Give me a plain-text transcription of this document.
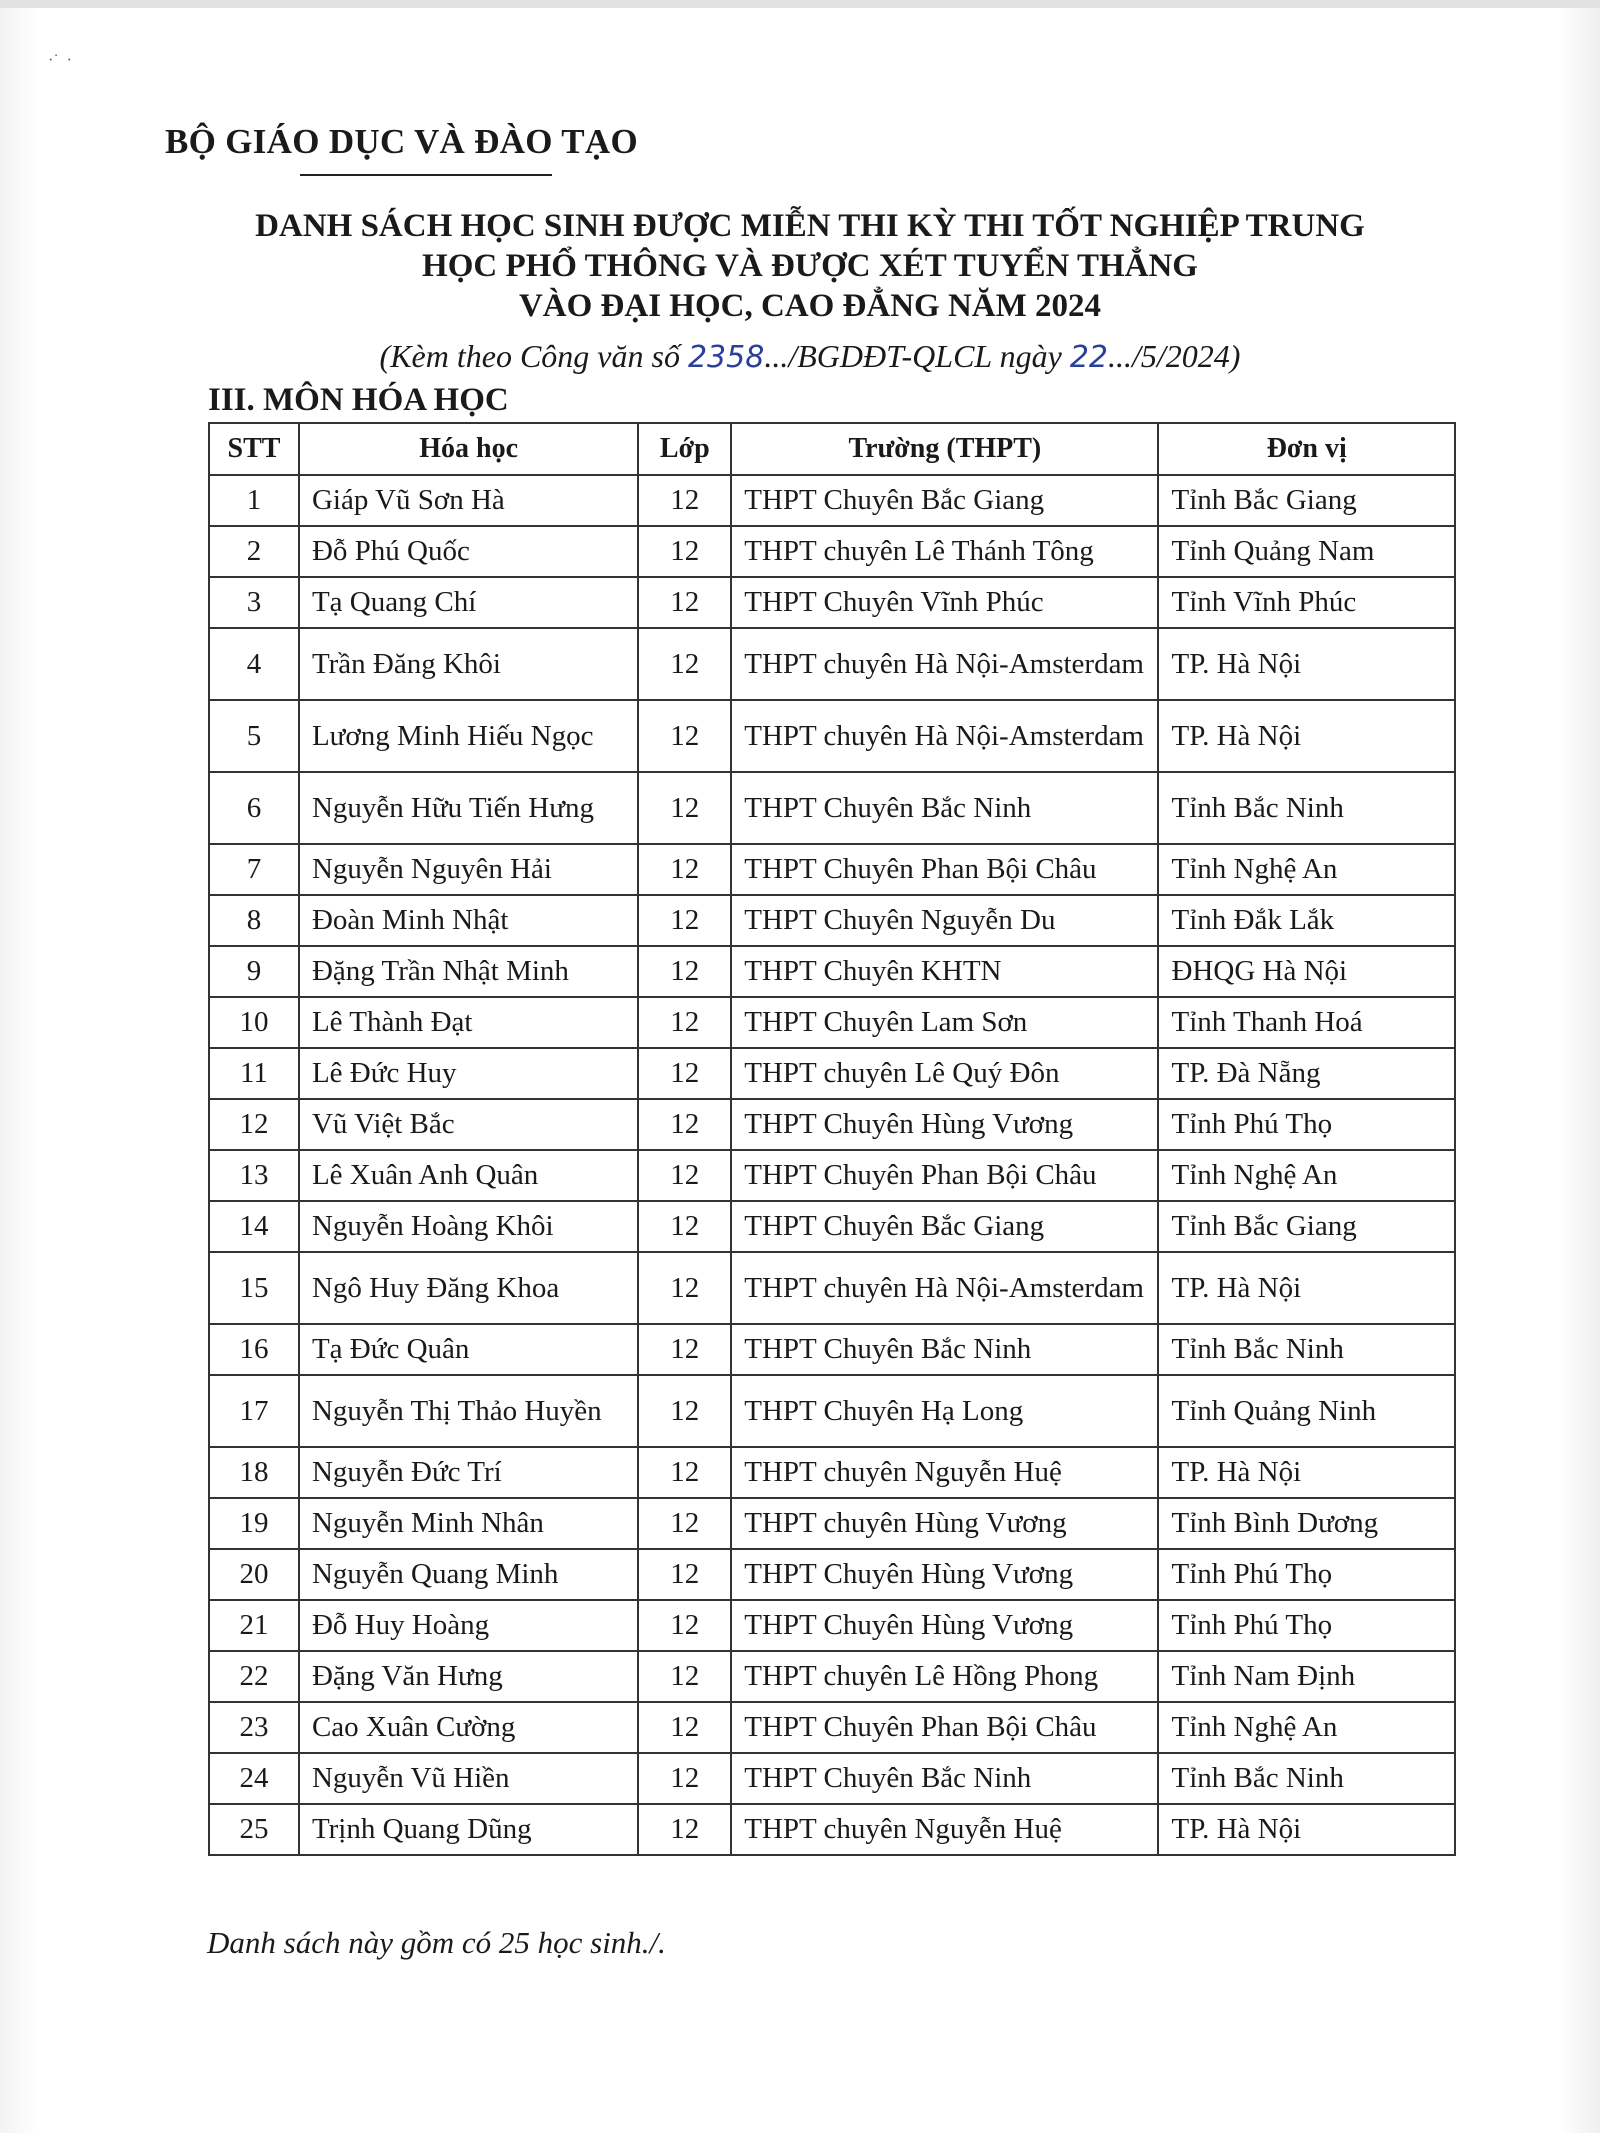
·˙  ·
BỘ GIÁO DỤC VÀ ĐÀO TẠO
DANH SÁCH HỌC SINH ĐƯỢC MIỄN THI KỲ THI TỐT NGHIỆP TRUNG
HỌC PHỔ THÔNG VÀ ĐƯỢC XÉT TUYỂN THẲNG
VÀO ĐẠI HỌC, CAO ĐẲNG NĂM 2024
(Kèm theo Công văn số 2358.../BGDĐT-QLCL ngày 22.../5/2024)
III. MÔN HÓA HỌC
STT	Hóa học	Lớp	Trường (THPT)	Đơn vị
1	Giáp Vũ Sơn Hà	12	THPT Chuyên Bắc Giang	Tỉnh Bắc Giang
2	Đỗ Phú Quốc	12	THPT chuyên Lê Thánh Tông	Tỉnh Quảng Nam
3	Tạ Quang Chí	12	THPT Chuyên Vĩnh Phúc	Tỉnh Vĩnh Phúc
4	Trần Đăng Khôi	12	THPT chuyên Hà Nội-Amsterdam	TP. Hà Nội
5	Lương Minh Hiếu Ngọc	12	THPT chuyên Hà Nội-Amsterdam	TP. Hà Nội
6	Nguyễn Hữu Tiến Hưng	12	THPT Chuyên Bắc Ninh	Tỉnh Bắc Ninh
7	Nguyễn Nguyên Hải	12	THPT Chuyên Phan Bội Châu	Tỉnh Nghệ An
8	Đoàn Minh Nhật	12	THPT Chuyên Nguyễn Du	Tỉnh Đắk Lắk
9	Đặng Trần Nhật Minh	12	THPT Chuyên KHTN	ĐHQG Hà Nội
10	Lê Thành Đạt	12	THPT Chuyên Lam Sơn	Tỉnh Thanh Hoá
11	Lê Đức Huy	12	THPT chuyên Lê Quý Đôn	TP. Đà Nẵng
12	Vũ Việt Bắc	12	THPT Chuyên Hùng Vương	Tỉnh Phú Thọ
13	Lê Xuân Anh Quân	12	THPT Chuyên Phan Bội Châu	Tỉnh Nghệ An
14	Nguyễn Hoàng Khôi	12	THPT Chuyên Bắc Giang	Tỉnh Bắc Giang
15	Ngô Huy Đăng Khoa	12	THPT chuyên Hà Nội-Amsterdam	TP. Hà Nội
16	Tạ Đức Quân	12	THPT Chuyên Bắc Ninh	Tỉnh Bắc Ninh
17	Nguyễn Thị Thảo Huyền	12	THPT Chuyên Hạ Long	Tỉnh Quảng Ninh
18	Nguyễn Đức Trí	12	THPT chuyên Nguyễn Huệ	TP. Hà Nội
19	Nguyễn Minh Nhân	12	THPT chuyên Hùng Vương	Tỉnh Bình Dương
20	Nguyễn Quang Minh	12	THPT Chuyên Hùng Vương	Tỉnh Phú Thọ
21	Đỗ Huy Hoàng	12	THPT Chuyên Hùng Vương	Tỉnh Phú Thọ
22	Đặng Văn Hưng	12	THPT chuyên Lê Hồng Phong	Tỉnh Nam Định
23	Cao Xuân Cường	12	THPT Chuyên Phan Bội Châu	Tỉnh Nghệ An
24	Nguyễn Vũ Hiền	12	THPT Chuyên Bắc Ninh	Tỉnh Bắc Ninh
25	Trịnh Quang Dũng	12	THPT chuyên Nguyễn Huệ	TP. Hà Nội
Danh sách này gồm có 25 học sinh./.
